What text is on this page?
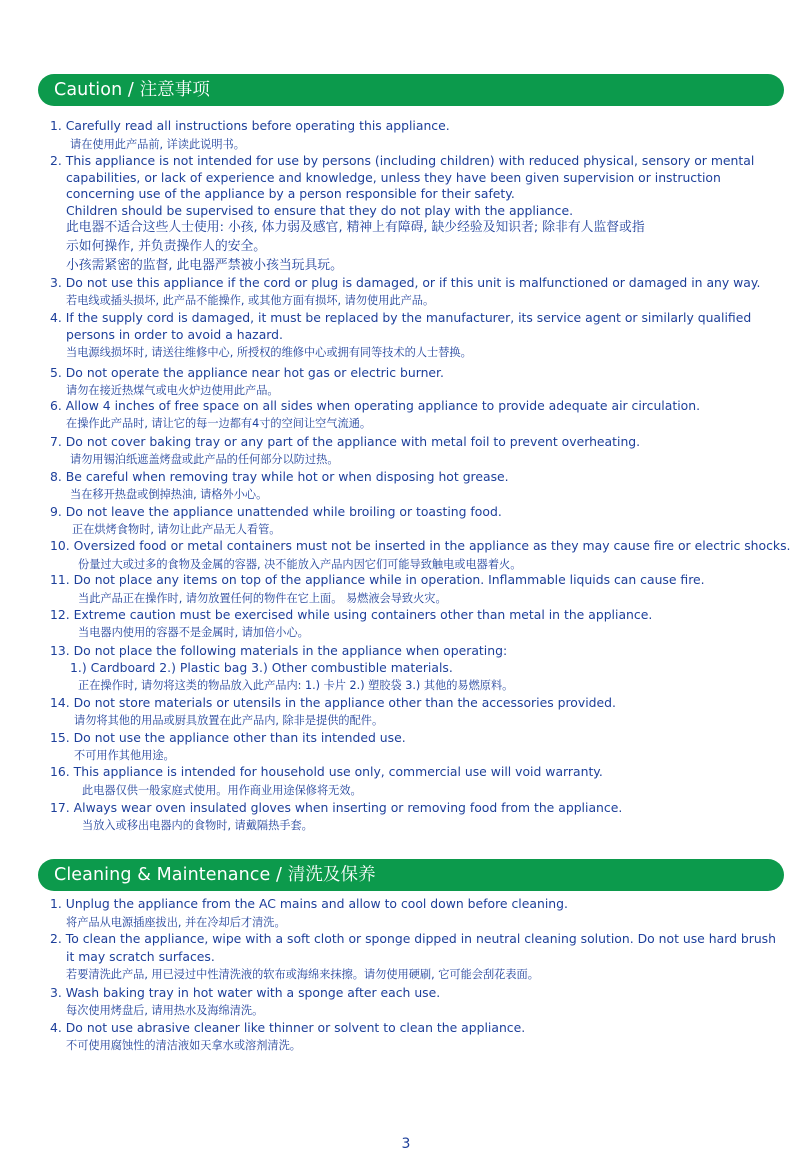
Caution / 注意事项
1. Carefully read all instructions before operating this appliance.
请在使用此产品前, 详读此说明书。
2. This appliance is not intended for use by persons (including children) with reduced physical, sensory or mental
capabilities, or lack of experience and knowledge, unless they have been given supervision or instruction
concerning use of the appliance by a person responsible for their safety.
Children should be supervised to ensure that they do not play with the appliance.
此电器不适合这些人士使用: 小孩, 体力弱及感官, 精神上有障碍, 缺少经验及知识者; 除非有人监督或指
示如何操作, 并负责操作人的安全。
小孩需紧密的监督, 此电器严禁被小孩当玩具玩。
3. Do not use this appliance if the cord or plug is damaged, or if this unit is malfunctioned or damaged in any way.
若电线或插头损坏, 此产品不能操作, 或其他方面有损坏, 请勿使用此产品。
4. If the supply cord is damaged, it must be replaced by the manufacturer, its service agent or similarly qualified
persons in order to avoid a hazard.
当电源线损坏时, 请送往维修中心, 所授权的维修中心或拥有同等技术的人士替换。
5. Do not operate the appliance near hot gas or electric burner.
请勿在接近热煤气或电火炉边使用此产品。
6. Allow 4 inches of free space on all sides when operating appliance to provide adequate air circulation.
在操作此产品时, 请让它的每一边都有4寸的空间让空气流通。
7. Do not cover baking tray or any part of the appliance with metal foil to prevent overheating.
请勿用锡泊纸遮盖烤盘或此产品的任何部分以防过热。
8. Be careful when removing tray while hot or when disposing hot grease.
当在移开热盘或倒掉热油, 请格外小心。
9. Do not leave the appliance unattended while broiling or toasting food.
正在烘烤食物时, 请勿让此产品无人看管。
10. Oversized food or metal containers must not be inserted in the appliance as they may cause fire or electric shocks.
份量过大或过多的食物及金属的容器, 决不能放入产品内因它们可能导致触电或电器着火。
11. Do not place any items on top of the appliance while in operation. Inflammable liquids can cause fire.
当此产品正在操作时, 请勿放置任何的物件在它上面。 易燃液会导致火灾。
12. Extreme caution must be exercised while using containers other than metal in the appliance.
当电器内使用的容器不是金属时, 请加倍小心。
13. Do not place the following materials in the appliance when operating:
1.) Cardboard 2.) Plastic bag 3.) Other combustible materials.
正在操作时, 请勿将这类的物品放入此产品内: 1.) 卡片 2.) 塑胶袋 3.) 其他的易燃原料。
14. Do not store materials or utensils in the appliance other than the accessories provided.
请勿将其他的用品或厨具放置在此产品内, 除非是提供的配件。
15. Do not use the appliance other than its intended use.
不可用作其他用途。
16. This appliance is intended for household use only, commercial use will void warranty.
此电器仅供一般家庭式使用。用作商业用途保修将无效。
17. Always wear oven insulated gloves when inserting or removing food from the appliance.
当放入或移出电器内的食物时, 请戴隔热手套。
Cleaning & Maintenance / 清洗及保养
1. Unplug the appliance from the AC mains and allow to cool down before cleaning.
将产品从电源插座拔出, 并在冷却后才清洗。
2. To clean the appliance, wipe with a soft cloth or sponge dipped in neutral cleaning solution. Do not use hard brush
it may scratch surfaces.
若要清洗此产品, 用已浸过中性清洗液的软布或海绵来抹擦。请勿使用硬刷, 它可能会刮花表面。
3. Wash baking tray in hot water with a sponge after each use.
每次使用烤盘后, 请用热水及海绵清洗。
4. Do not use abrasive cleaner like thinner or solvent to clean the appliance.
不可使用腐蚀性的清洁液如天拿水或溶剂清洗。
3
